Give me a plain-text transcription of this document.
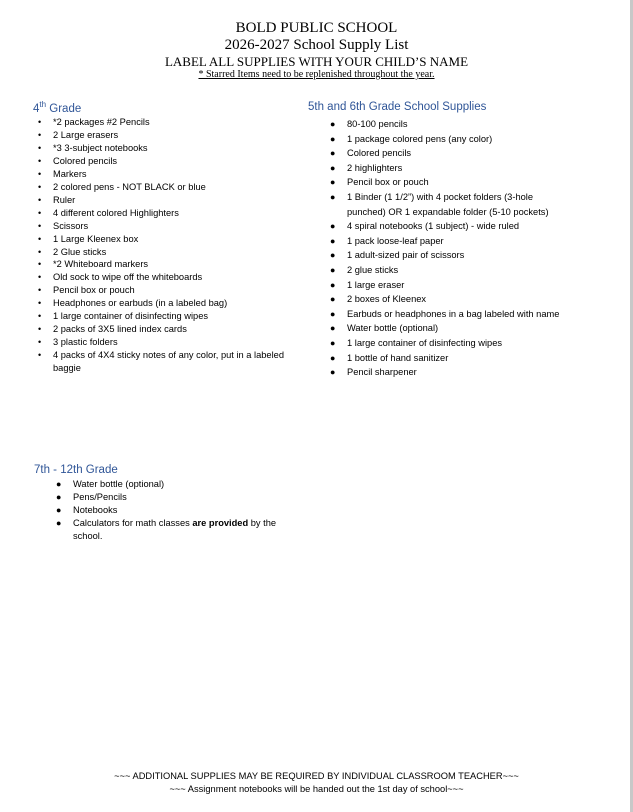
BOLD PUBLIC SCHOOL
2026-2027 School Supply List
LABEL ALL SUPPLIES WITH YOUR CHILD’S NAME
* Starred Items need to be replenished throughout the year.
4th Grade
• *2 packages #2 Pencils
• 2 Large erasers
• *3 3-subject notebooks
• Colored pencils
• Markers
• 2 colored pens - NOT BLACK or blue
• Ruler
• 4 different colored Highlighters
• Scissors
• 1 Large Kleenex box
• 2 Glue sticks
• *2 Whiteboard markers
• Old sock to wipe off the whiteboards
• Pencil box or pouch
• Headphones or earbuds (in a labeled bag)
• 1 large container of disinfecting wipes
• 2 packs of 3X5 lined index cards
• 3 plastic folders
• 4 packs of 4X4 sticky notes of any color, put in a labeled baggie
5th and 6th Grade School Supplies
● 80-100 pencils
● 1 package colored pens (any color)
● Colored pencils
● 2 highlighters
● Pencil box or pouch
● 1 Binder (1 1/2”) with 4 pocket folders (3-hole punched) OR 1 expandable folder (5-10 pockets)
● 4 spiral notebooks (1 subject) - wide ruled
● 1 pack loose-leaf paper
● 1 adult-sized pair of scissors
● 2 glue sticks
● 1 large eraser
● 2 boxes of Kleenex
● Earbuds or headphones in a bag labeled with name
● Water bottle (optional)
● 1 large container of disinfecting wipes
● 1 bottle of hand sanitizer
● Pencil sharpener
7th - 12th Grade
● Water bottle (optional)
● Pens/Pencils
● Notebooks
● Calculators for math classes are provided by the school.
~~~ ADDITIONAL SUPPLIES MAY BE REQUIRED BY INDIVIDUAL CLASSROOM TEACHER~~~
~~~ Assignment notebooks will be handed out the 1st day of school~~~
